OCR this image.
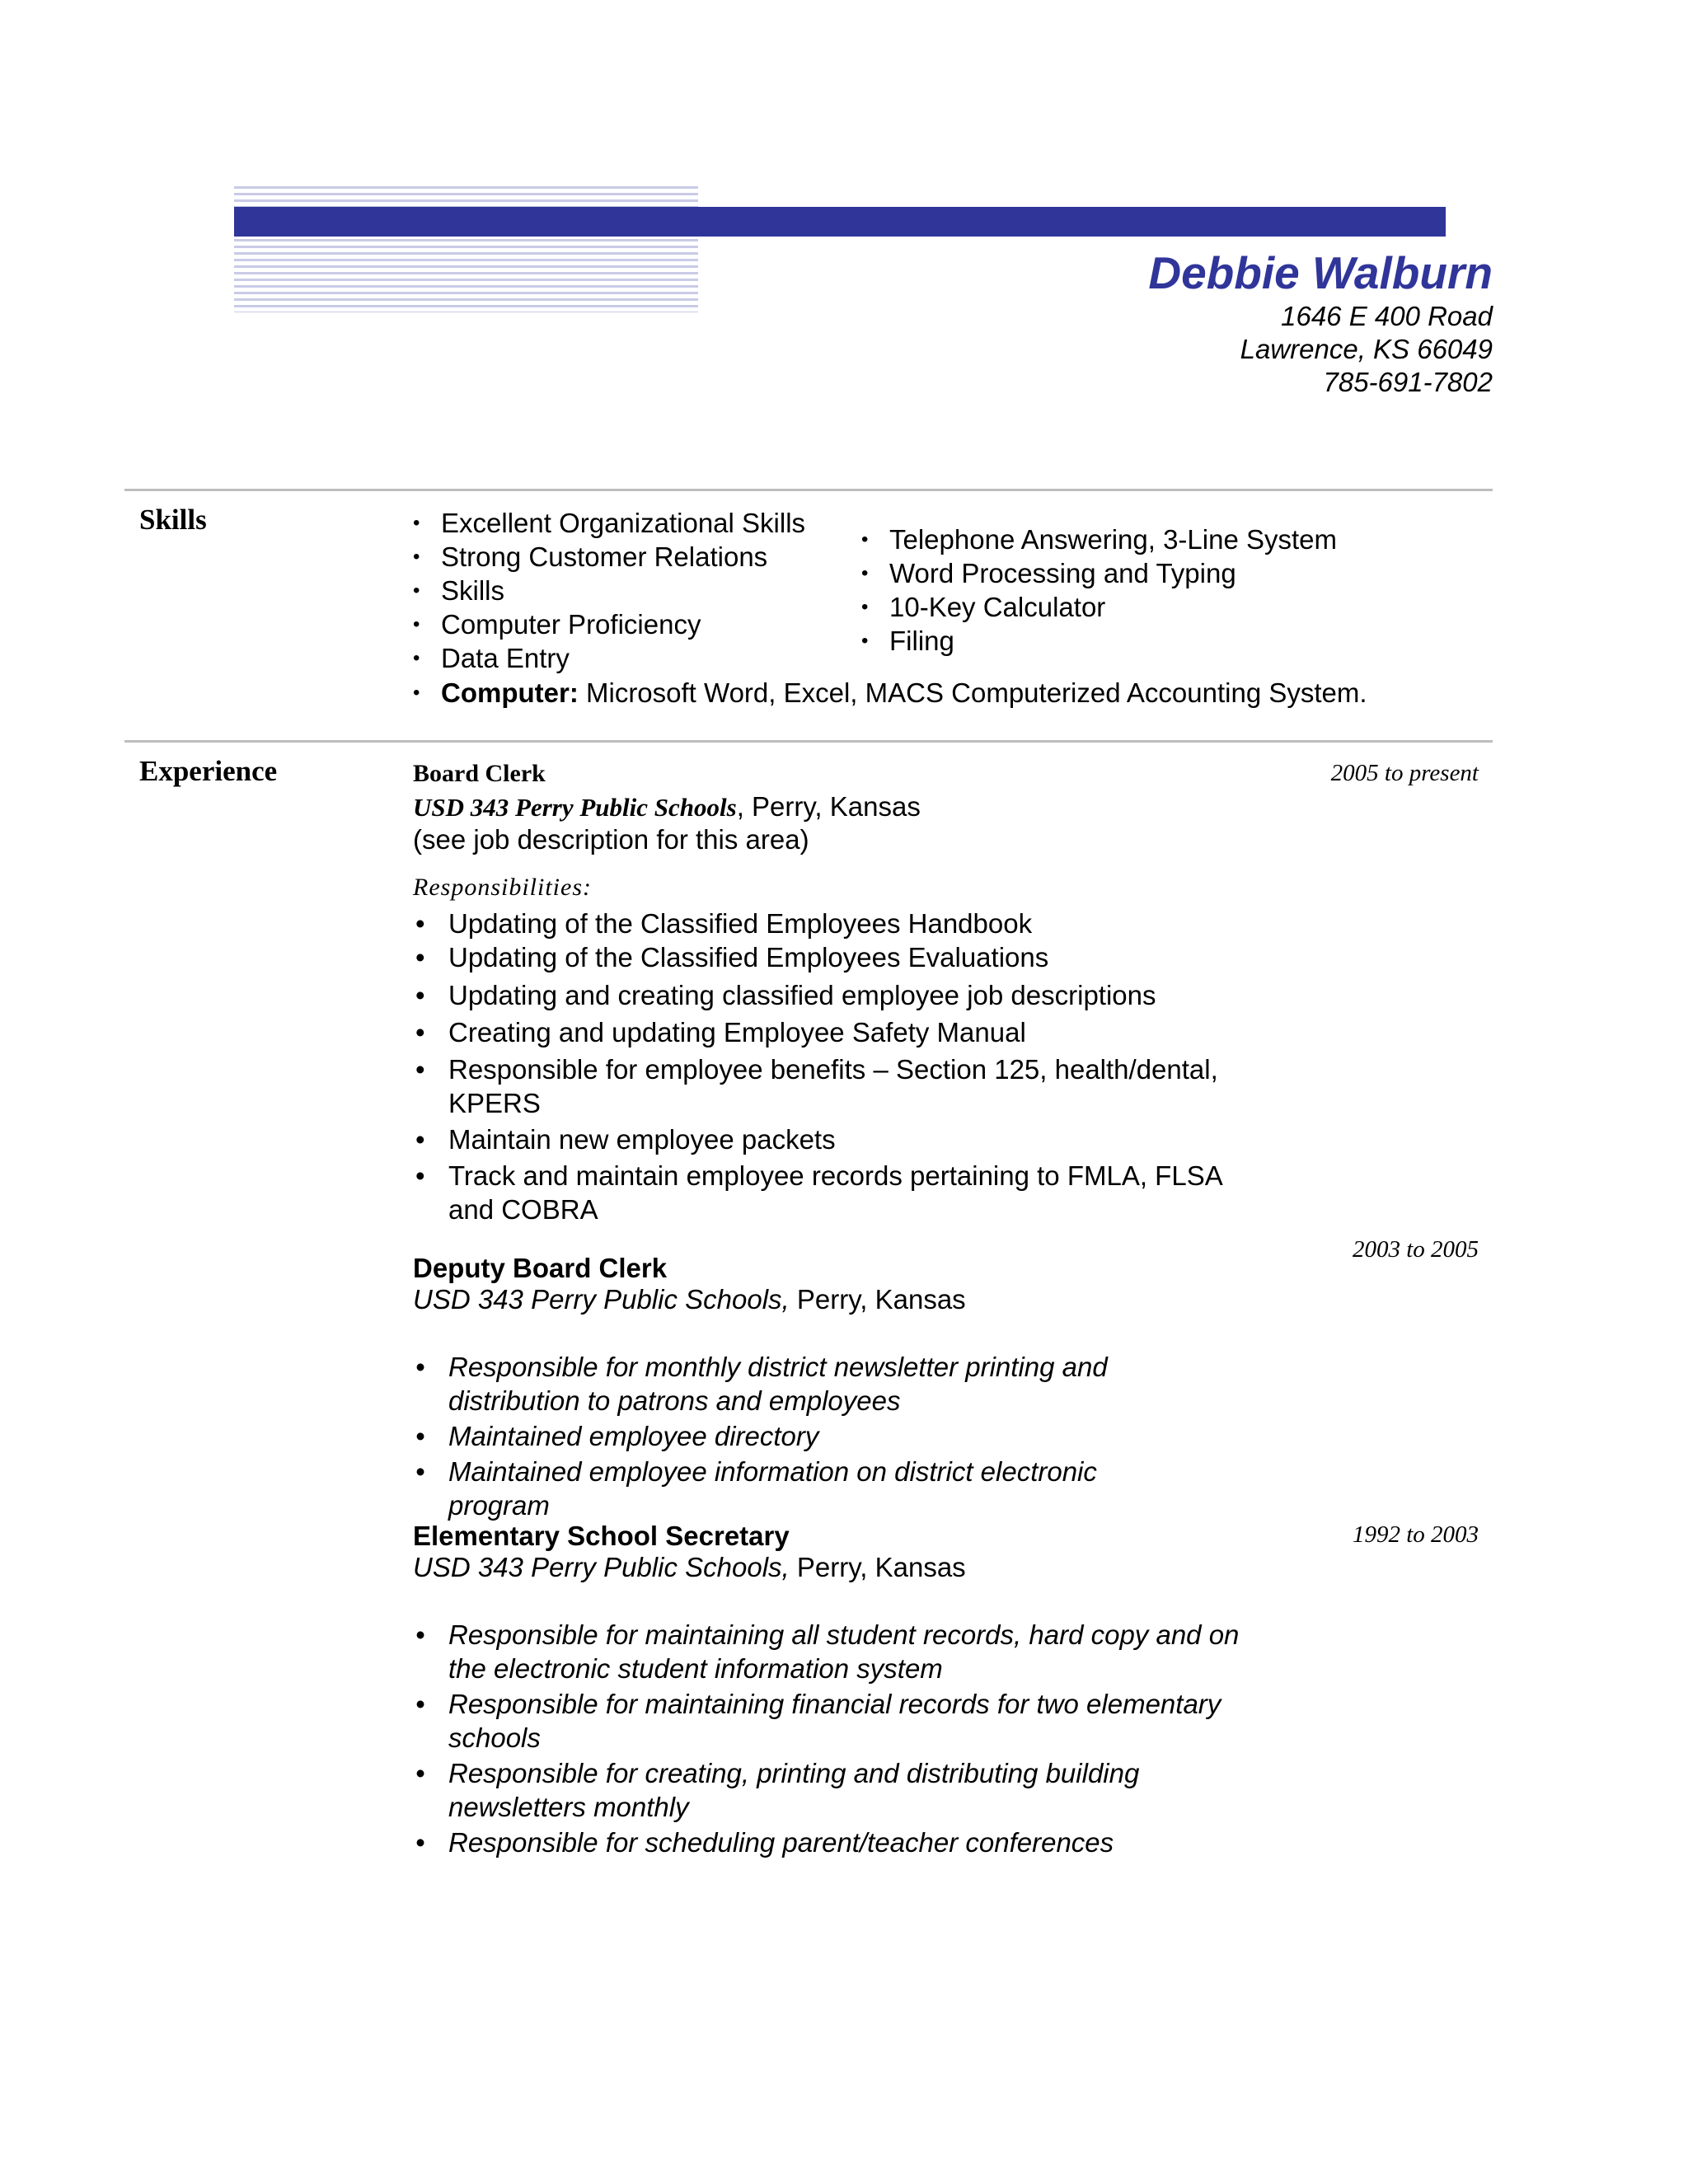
Debbie Walburn
1646 E 400 Road
Lawrence, KS 66049
785-691-7802
Skills
•	Excellent Organizational Skills
• Strong Customer Relations
• Skills
• Computer Proficiency
• Data Entry
• Telephone Answering, 3-Line System
• Word Processing and Typing
• 10-Key Calculator
• Filing
• Computer: Microsoft Word, Excel, MACS Computerized Accounting System.
Experience	Board Clerk	2005 to present
USD 343 Perry Public Schools, Perry, Kansas
(see job description for this area)
Responsibilities:
• Updating of the Classified Employees Handbook
• Updating of the Classified Employees Evaluations
• Updating and creating classified employee job descriptions
• Creating and updating Employee Safety Manual
• Responsible for employee benefits – Section 125, health/dental, KPERS
• Maintain new employee packets
• Track and maintain employee records pertaining to FMLA, FLSA and COBRA
2003 to 2005
Deputy Board Clerk
USD 343 Perry Public Schools, Perry, Kansas
• Responsible for monthly district newsletter printing and distribution to patrons and employees
• Maintained employee directory
• Maintained employee information on district electronic program
Elementary School Secretary	1992 to 2003
USD 343 Perry Public Schools, Perry, Kansas
• Responsible for maintaining all student records, hard copy and on the electronic student information system
• Responsible for maintaining financial records for two elementary schools
• Responsible for creating, printing and distributing building newsletters monthly
• Responsible for scheduling parent/teacher conferences
